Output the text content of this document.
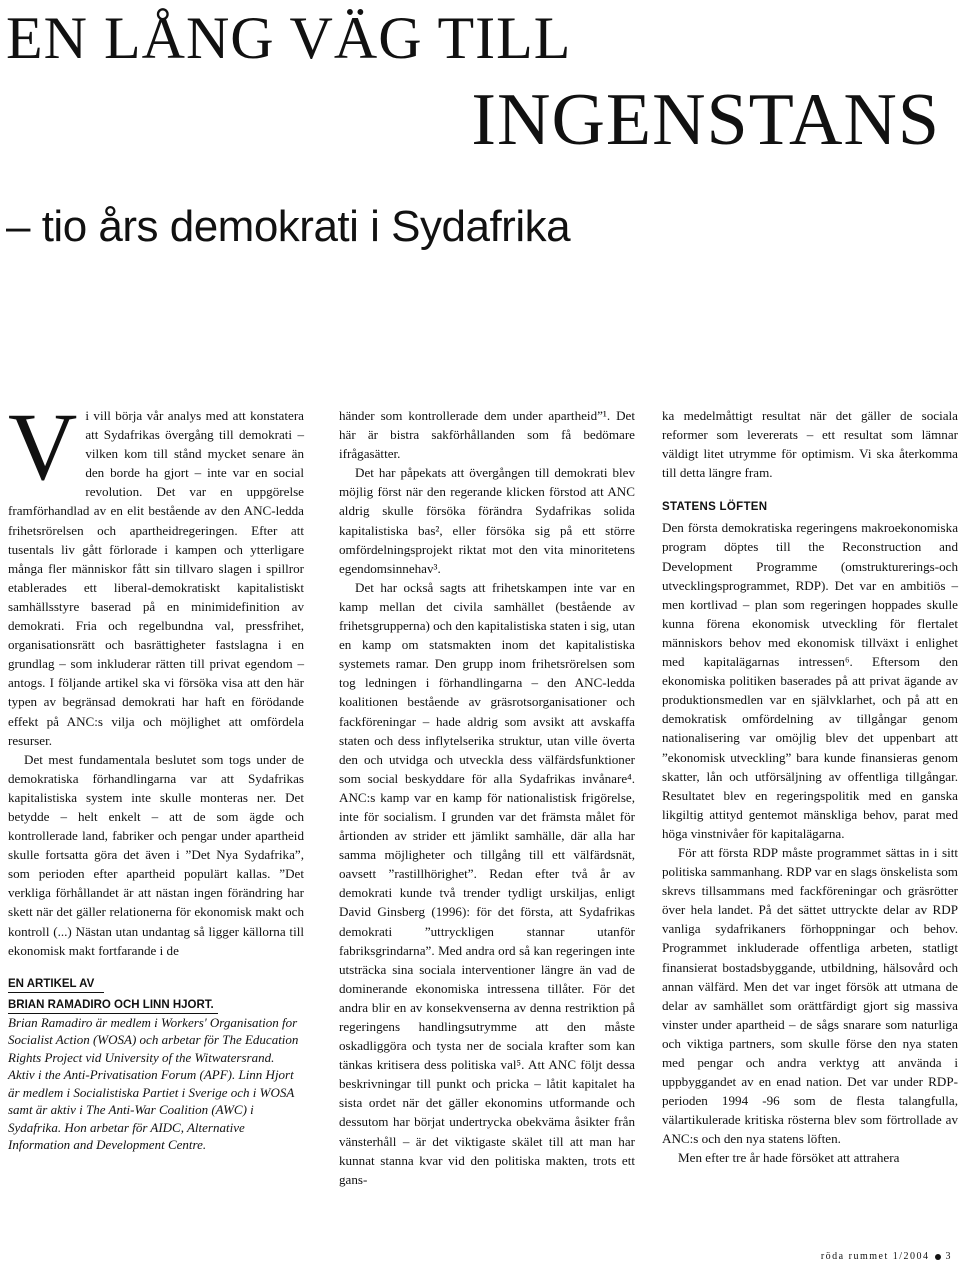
EN LÅNG VÄG TILL
INGENSTANS
– tio års demokrati i Sydafrika

Vi vill börja vår analys med att konstatera att Sydafrikas övergång till demokrati – vilken kom till stånd mycket senare än den borde ha gjort – inte var en social revolution. Det var en uppgörelse framförhandlad av en elit bestående av den ANC-ledda frihetsrörelsen och apartheidregeringen. Efter att tusentals liv gått förlorade i kampen och ytterligare många fler människor fått sin tillvaro slagen i spillror etablerades ett liberal-demokratiskt kapitalistiskt samhällsstyre baserad på en minimidefinition av demokrati. Fria och regelbundna val, pressfrihet, organisationsrätt och basrättigheter fastslagna i en grundlag – som inkluderar rätten till privat egendom – antogs. I följande artikel ska vi försöka visa att den här typen av begränsad demokrati har haft en förödande effekt på ANC:s vilja och möjlighet att omfördela resurser.

Det mest fundamentala beslutet som togs under de demokratiska förhandlingarna var att Sydafrikas kapitalistiska system inte skulle monteras ner. Det betydde – helt enkelt – att de som ägde och kontrollerade land, fabriker och pengar under apartheid skulle fortsatta göra det även i ”Det Nya Sydafrika”, som perioden efter apartheid populärt kallas. ”Det verkliga förhållandet är att nästan ingen förändring har skett när det gäller relationerna för ekonomisk makt och kontroll (...) Nästan utan undantag så ligger källorna till ekonomisk makt fortfarande i de

EN ARTIKEL AV
BRIAN RAMADIRO OCH LINN HJORT.

Brian Ramadiro är medlem i Workers' Organisation for Socialist Action (WOSA) och arbetar för The Education Rights Project vid University of the Witwatersrand. Aktiv i the Anti-Privatisation Forum (APF). Linn Hjort är medlem i Socialistiska Partiet i Sverige och i WOSA samt är aktiv i The Anti-War Coalition (AWC) i Sydafrika. Hon arbetar för AIDC, Alternative Information and Development Centre.

händer som kontrollerade dem under apartheid”¹. Det här är bistra sakförhållanden som få bedömare ifrågasätter.

Det har påpekats att övergången till demokrati blev möjlig först när den regerande klicken förstod att ANC aldrig skulle försöka förändra Sydafrikas solida kapitalistiska bas², eller försöka sig på ett större omfördelningsprojekt riktat mot den vita minoritetens egendomsinnehav³.

Det har också sagts att frihetskampen inte var en kamp mellan det civila samhället (bestående av frihetsgrupperna) och den kapitalistiska staten i sig, utan en kamp om statsmakten inom det kapitalistiska systemets ramar. Den grupp inom frihetsrörelsen som tog ledningen i förhandlingarna – den ANC-ledda koalitionen bestående av gräsrotsorganisationer och fackföreningar – hade aldrig som avsikt att avskaffa staten och dess inflytelserika struktur, utan ville överta den och utvidga och utveckla dess välfärdsfunktioner som social beskyddare för alla Sydafrikas invånare⁴. ANC:s kamp var en kamp för nationalistisk frigörelse, inte för socialism. I grunden var det främsta målet för årtionden av strider ett jämlikt samhälle, där alla har samma möjligheter och tillgång till ett välfärdsnät, oavsett ”rastillhörighet”. Redan efter två år av demokrati kunde två trender tydligt urskiljas, enligt David Ginsberg (1996): för det första, att Sydafrikas demokrati ”uttryckligen stannar utanför fabriksgrindarna”. Med andra ord så kan regeringen inte utsträcka sina sociala interventioner längre än vad de dominerande ekonomiska intressena tillåter. För det andra blir en av konsekvenserna av denna restriktion på regeringens handlingsutrymme att den måste oskadliggöra och tysta ner de sociala krafter som kan tänkas kritisera dess politiska val⁵. Att ANC följt dessa beskrivningar till punkt och pricka – låtit kapitalet ha sista ordet när det gäller ekonomins utformande och dessutom har börjat undertrycka obekväma åsikter från vänsterhåll – är det viktigaste skälet till att man har kunnat stanna kvar vid den politiska makten, trots ett gans-

ka medelmåttigt resultat när det gäller de sociala reformer som levererats – ett resultat som lämnar väldigt litet utrymme för optimism. Vi ska återkomma till detta längre fram.

STATENS LÖFTEN

Den första demokratiska regeringens makroekonomiska program döptes till the Reconstruction and Development Programme (omstrukturerings-och utvecklingsprogrammet, RDP). Det var en ambitiös – men kortlivad – plan som regeringen hoppades skulle kunna förena ekonomisk utveckling för flertalet människors behov med ekonomisk tillväxt i enlighet med kapitalägarnas intressen⁶. Eftersom den ekonomiska politiken baserades på att privat ägande av produktionsmedlen var en självklarhet, och på att en demokratisk omfördelning av tillgångar genom nationalisering var omöjlig blev det uppenbart att ”ekonomisk utveckling” bara kunde finansieras genom skatter, lån och utförsäljning av offentliga tillgångar. Resultatet blev en regeringspolitik med en ganska likgiltig attityd gentemot mänskliga behov, parat med höga vinstnivåer för kapitalägarna.

För att första RDP måste programmet sättas in i sitt politiska sammanhang. RDP var en slags önskelista som skrevs tillsammans med fackföreningar och gräsrötter över hela landet. På det sättet uttryckte delar av RDP vanliga sydafrikaners förhoppningar och behov. Programmet inkluderade offentliga arbeten, statligt finansierat bostadsbyggande, utbildning, hälsovård och annan välfärd. Men det var inget försök att utmana de delar av samhället som orättfärdigt gjort sig massiva vinster under apartheid – de sågs snarare som naturliga och viktiga partners, som skulle förse den nya staten med pengar och andra verktyg att använda i uppbyggandet av en enad nation. Det var under RDP-perioden 1994 -96 som de flesta talangfulla, välartikulerade kritiska rösterna blev som förtrollade av ANC:s och den nya statens löften.

Men efter tre år hade försöket att attrahera

röda rummet 1/2004 3
